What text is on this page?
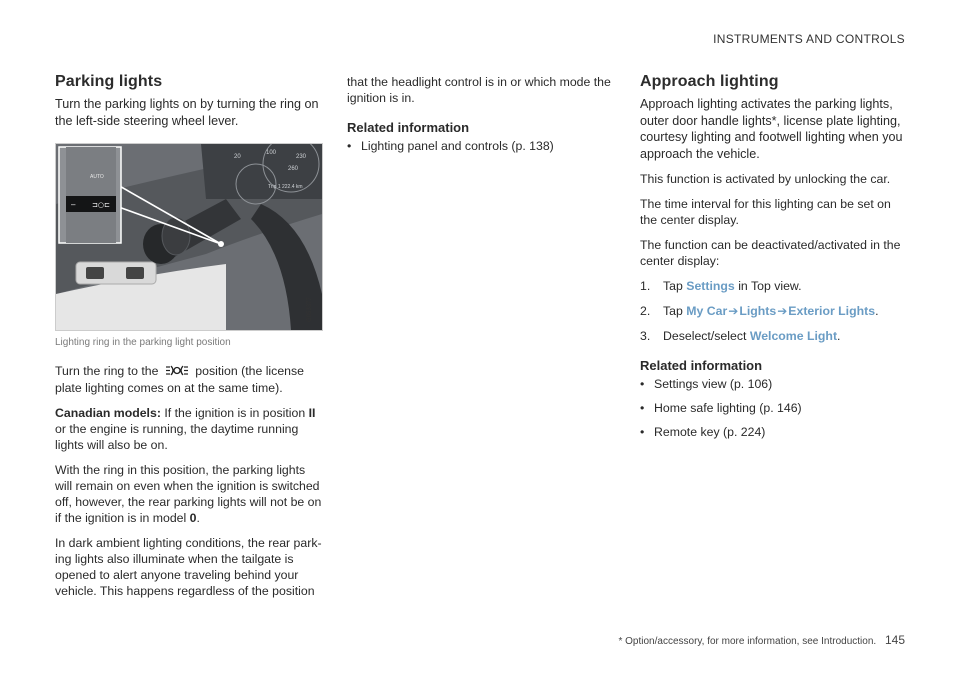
INSTRUMENTS AND CONTROLS
Parking lights

Turn the parking lights on by turning the ring on the left-side steering wheel lever.

20
100
230
260
Trip 1 222.4 km
AUTO
– ⊐○⊏
G053377
Lighting ring in the parking light position

Turn the ring to the	position (the license plate lighting comes on at the same time).

Canadian models: If the ignition is in position II or the engine is running, the daytime running lights will also be on.

With the ring in this position, the parking lights will remain on even when the ignition is switched off, however, the rear parking lights will not be on if the ignition is in model 0.

In dark ambient lighting conditions, the rear park-ing lights also illuminate when the tailgate is opened to alert anyone traveling behind your vehicle. This happens regardless of the position

that the headlight control is in or which mode the ignition is in.

Related information
• Lighting panel and controls (p. 138)
Approach lighting

Approach lighting activates the parking lights, outer door handle lights*, license plate lighting, courtesy lighting and footwell lighting when you approach the vehicle.

This function is activated by unlocking the car.

The time interval for this lighting can be set on the center display.

The function can be deactivated/activated in the center display:

1. Tap Settings in Top view.
2. Tap My Car➔Lights➔Exterior Lights.
3. Deselect/select Welcome Light.
Related information
• Settings view (p. 106)
• Home safe lighting (p. 146)
• Remote key (p. 224)
* Option/accessory, for more information, see Introduction. 145
